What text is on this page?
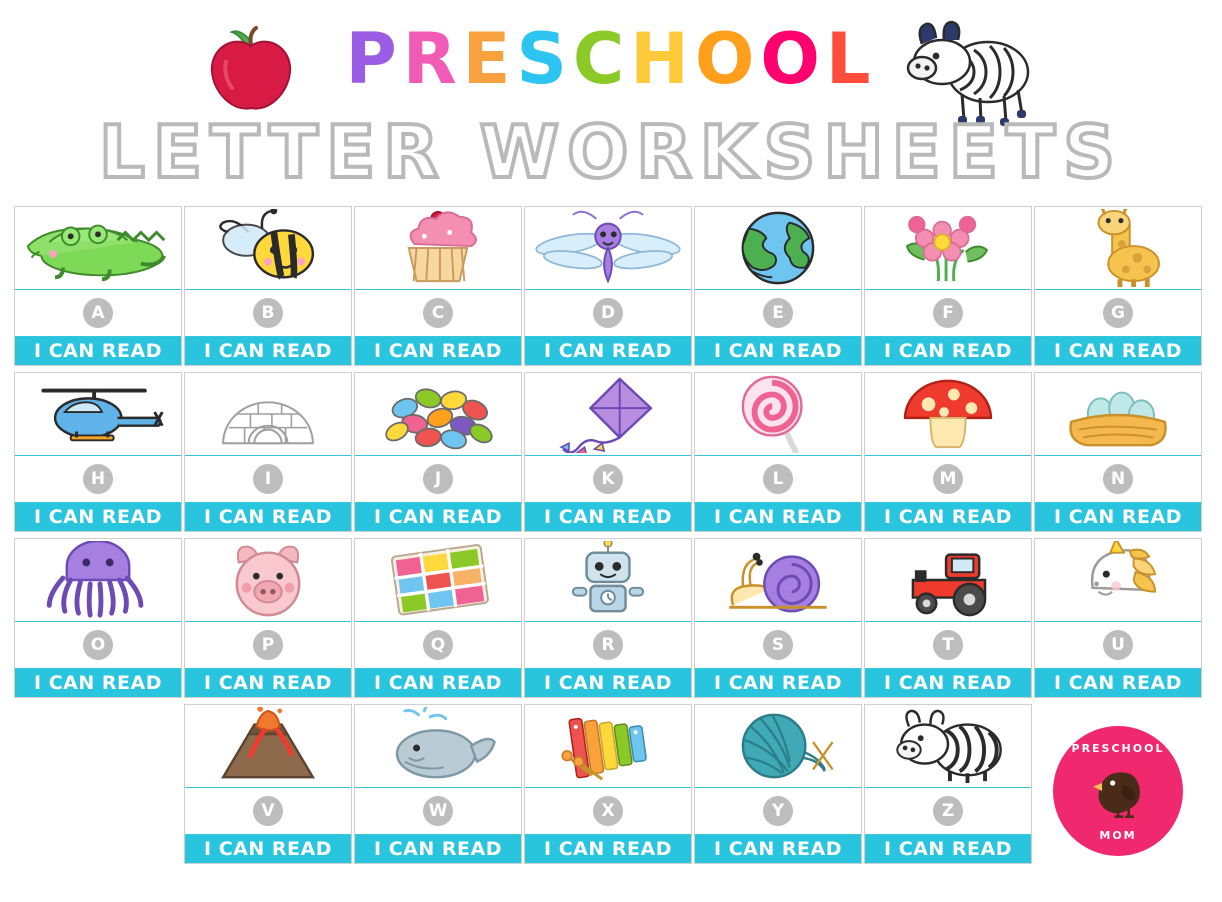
PRESCHOOL
LETTER WORKSHEETS
A
I CAN READ
B
I CAN READ
C
I CAN READ
D
I CAN READ
E
I CAN READ
F
I CAN READ
G
I CAN READ
H
I CAN READ
I
I CAN READ
J
I CAN READ
K
I CAN READ
L
I CAN READ
M
I CAN READ
N
I CAN READ
O
I CAN READ
P
I CAN READ
Q
I CAN READ
R
I CAN READ
S
I CAN READ
T
I CAN READ
U
I CAN READ
V
I CAN READ
W
I CAN READ
X
I CAN READ
Y
I CAN READ
Z
I CAN READ
PRESCHOOL
MOM
